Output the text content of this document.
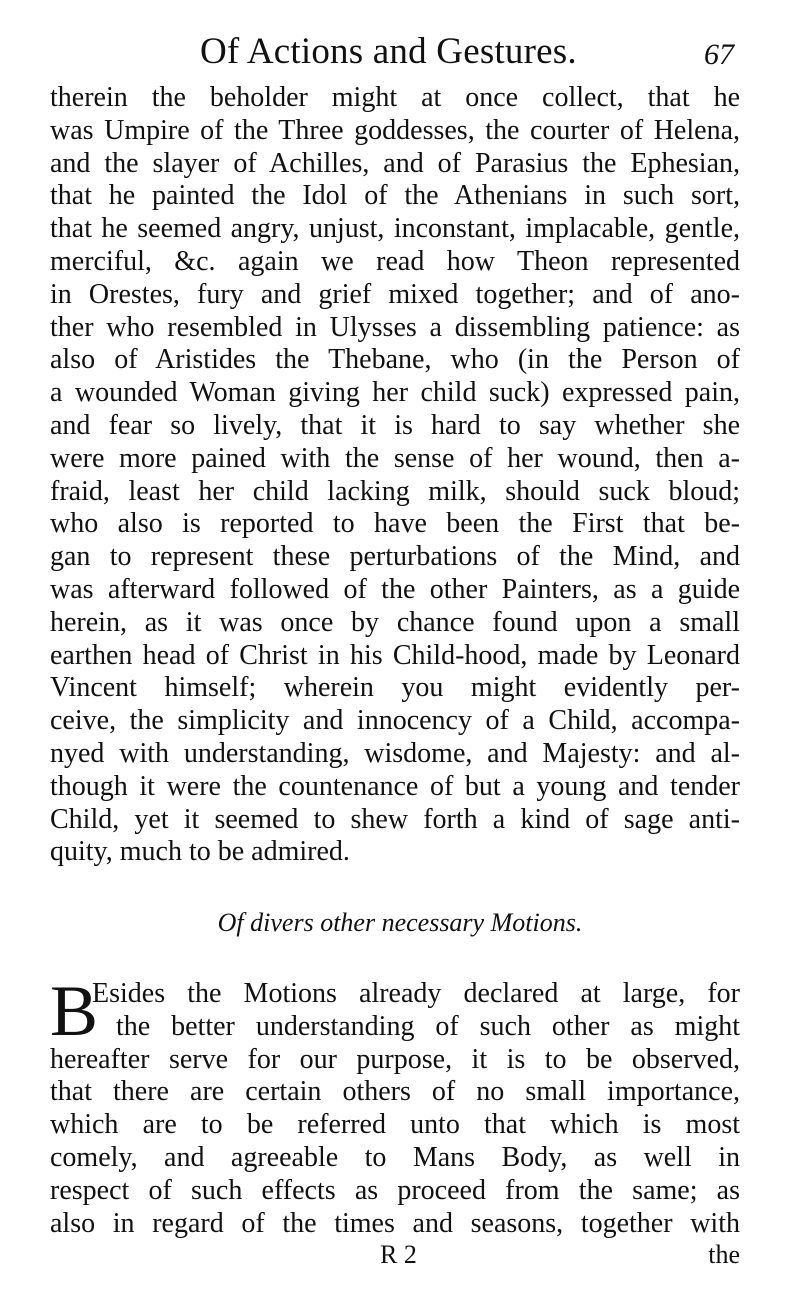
Of Actions and Gestures.	67
therein the beholder might at once collect, that he
was Umpire of the Three goddesses, the courter of Helena,
and the slayer of Achilles, and of Parasius the Ephesian,
that he painted the Idol of the Athenians in such sort,
that he seemed angry, unjust, inconstant, implacable, gentle,
merciful, &c. again we read how Theon represented
in Orestes, fury and grief mixed together; and of ano-
ther who resembled in Ulysses a dissembling patience: as
also of Aristides the Thebane, who (in the Person of
a wounded Woman giving her child suck) expressed pain,
and fear so lively, that it is hard to say whether she
were more pained with the sense of her wound, then a-
fraid, least her child lacking milk, should suck bloud;
who also is reported to have been the First that be-
gan to represent these perturbations of the Mind, and
was afterward followed of the other Painters, as a guide
herein, as it was once by chance found upon a small
earthen head of Christ in his Child-hood, made by Leonard
Vincent himself; wherein you might evidently per-
ceive, the simplicity and innocency of a Child, accompa-
nyed with understanding, wisdome, and Majesty: and al-
though it were the countenance of but a young and tender
Child, yet it seemed to shew forth a kind of sage anti-
quity, much to be admired.
Of divers other necessary Motions.
B
Esides the Motions already declared at large, for
the better understanding of such other as might
hereafter serve for our purpose, it is to be observed,
that there are certain others of no small importance,
which are to be referred unto that which is most
comely, and agreeable to Mans Body, as well in
respect of such effects as proceed from the same; as
also in regard of the times and seasons, together with
R 2	the
